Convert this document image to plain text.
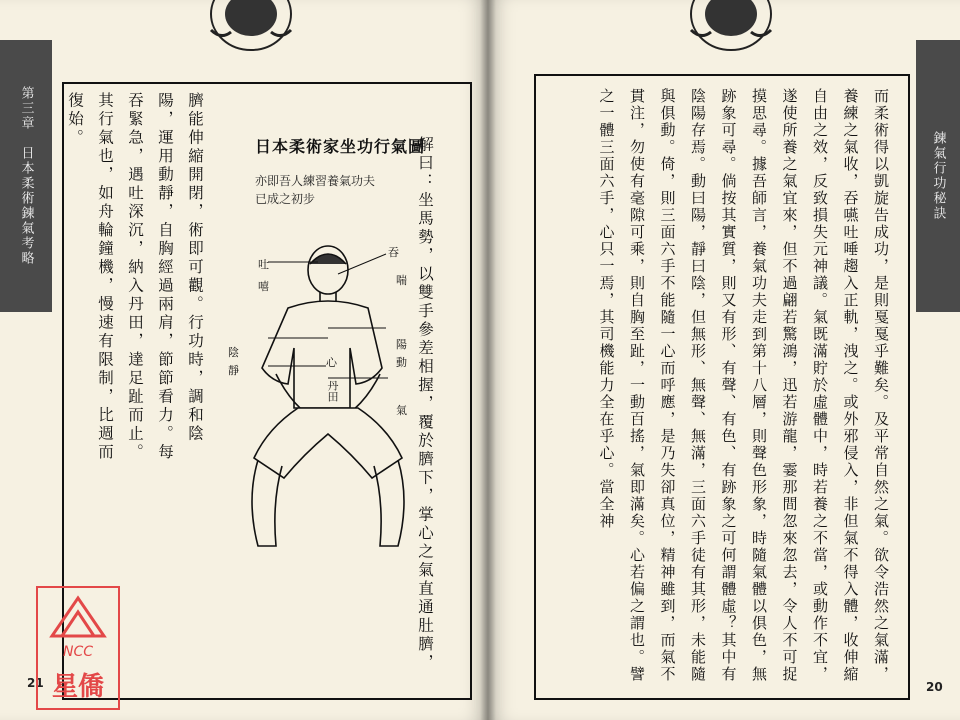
第三章　日本柔術鍊氣考略	鍊氣行功秘訣
臍能伸縮開閉，術即可觀。行功時，調和陰陽，運用動靜，自胸經過兩肩，節節看力。每吞緊急，遇吐深沉，納入丹田，達足趾而止。其行氣也，如舟輪鐘機，慢速有限制，比週而復始。
解曰：坐馬勢，以雙手參差相握，覆於臍下，掌心之氣直通肚臍，
日本柔術家坐功行氣圖
亦即吾人練習養氣功夫
已成之初步
吐
嘻
吞
喘
陰
靜
陽
動
心
丹田
氣	而柔術得以凱旋告成功，是則戛戛乎難矣。及平常自然之氣。欲令浩然之氣滿，養練之氣收，吞嚥吐唾趨入正軌，洩之。或外邪侵入，非但氣不得入體，收伸縮自由之效，反致損失元神議。氣既滿貯於虛體中，時若養之不當，或動作不宜，遂使所養之氣宜來，但不過翩若驚鴻，迅若游龍，霎那間忽來忽去，令人不可捉摸思尋。據吾師言，養氣功夫走到第十八層，則聲色形象，時隨氣體以俱色，無跡象可尋。倘按其實質，則又有形、有聲、有色、有跡象之可何謂體虛？其中有陰陽存焉。動曰陽，靜曰陰，但無形、無聲、無滿，三面六手徒有其形，未能隨與俱動。倚，則三面六手不能隨一心而呼應，是乃失卻真位，精神雖到，而氣不貫注，勿使有毫隙可乘，則自胸至趾，一動百搖，氣即滿矣。心若偏之謂也。譬之一體三面六手，心只一焉，其司機能力全在乎心。當全神
21	20
NCC
星僑
